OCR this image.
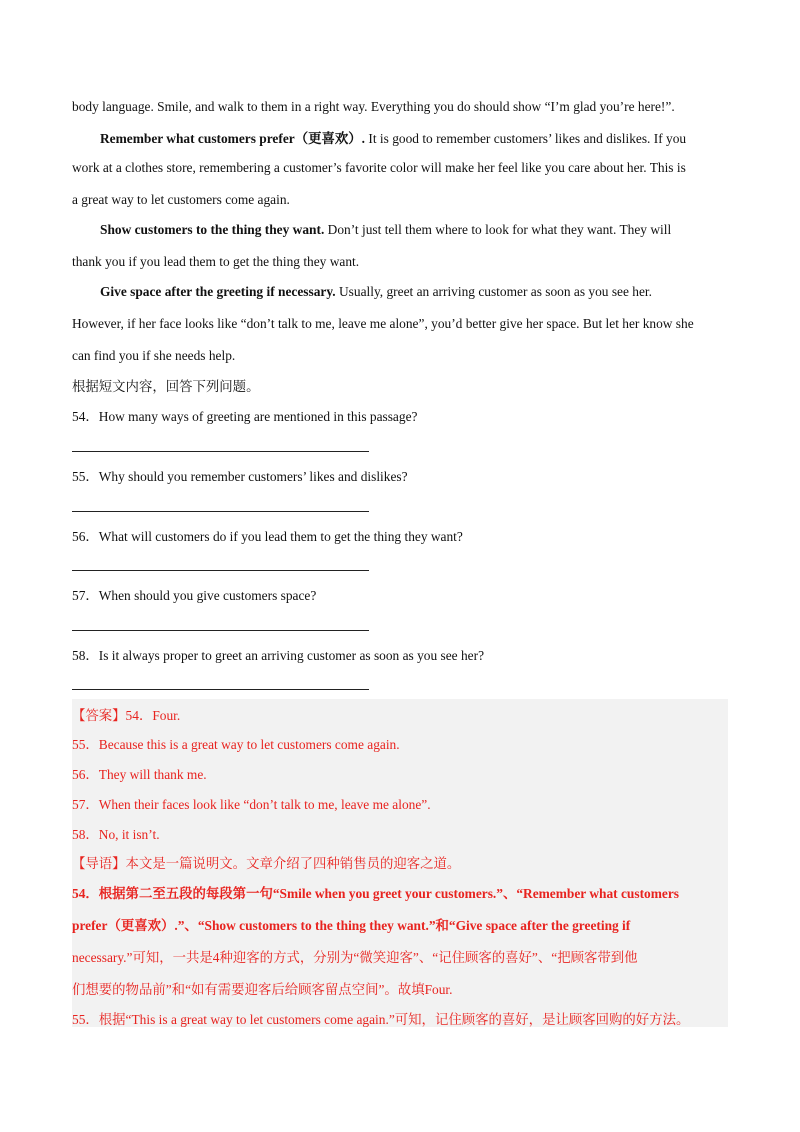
body language. Smile, and walk to them in a right way. Everything you do should show “I’m glad you’re here!”.
Remember what customers prefer（更喜欢）. It is good to remember customers’ likes and dislikes. If you
work at a clothes store, remembering a customer’s favorite color will make her feel like you care about her. This is
a great way to let customers come again.
Show customers to the thing they want. Don’t just tell them where to look for what they want. They will
thank you if you lead them to get the thing they want.
Give space after the greeting if necessary. Usually, greet an arriving customer as soon as you see her.
However, if her face looks like “don’t talk to me, leave me alone”, you’d better give her space. But let her know she
can find you if she needs help.
根据短文内容，回答下列问题。
54．How many ways of greeting are mentioned in this passage?
55．Why should you remember customers’ likes and dislikes?
56．What will customers do if you lead them to get the thing they want?
57．When should you give customers space?
58．Is it always proper to greet an arriving customer as soon as you see her?
【答案】54．Four.
55．Because this is a great way to let customers come again.
56．They will thank me.
57．When their faces look like “don’t talk to me, leave me alone”.
58．No, it isn’t.
【导语】本文是一篇说明文。文章介绍了四种销售员的迎客之道。
54．根据第二至五段的每段第一句“Smile when you greet your customers.”、“Remember what customers
prefer（更喜欢）.”、“Show customers to the thing they want.”和“Give space after the greeting if
necessary.”可知，一共是4种迎客的方式，分别为“微笑迎客”、“记住顾客的喜好”、“把顾客带到他
们想要的物品前”和“如有需要迎客后给顾客留点空间”。故填Four.
55．根据“This is a great way to let customers come again.”可知，记住顾客的喜好，是让顾客回购的好方法。
